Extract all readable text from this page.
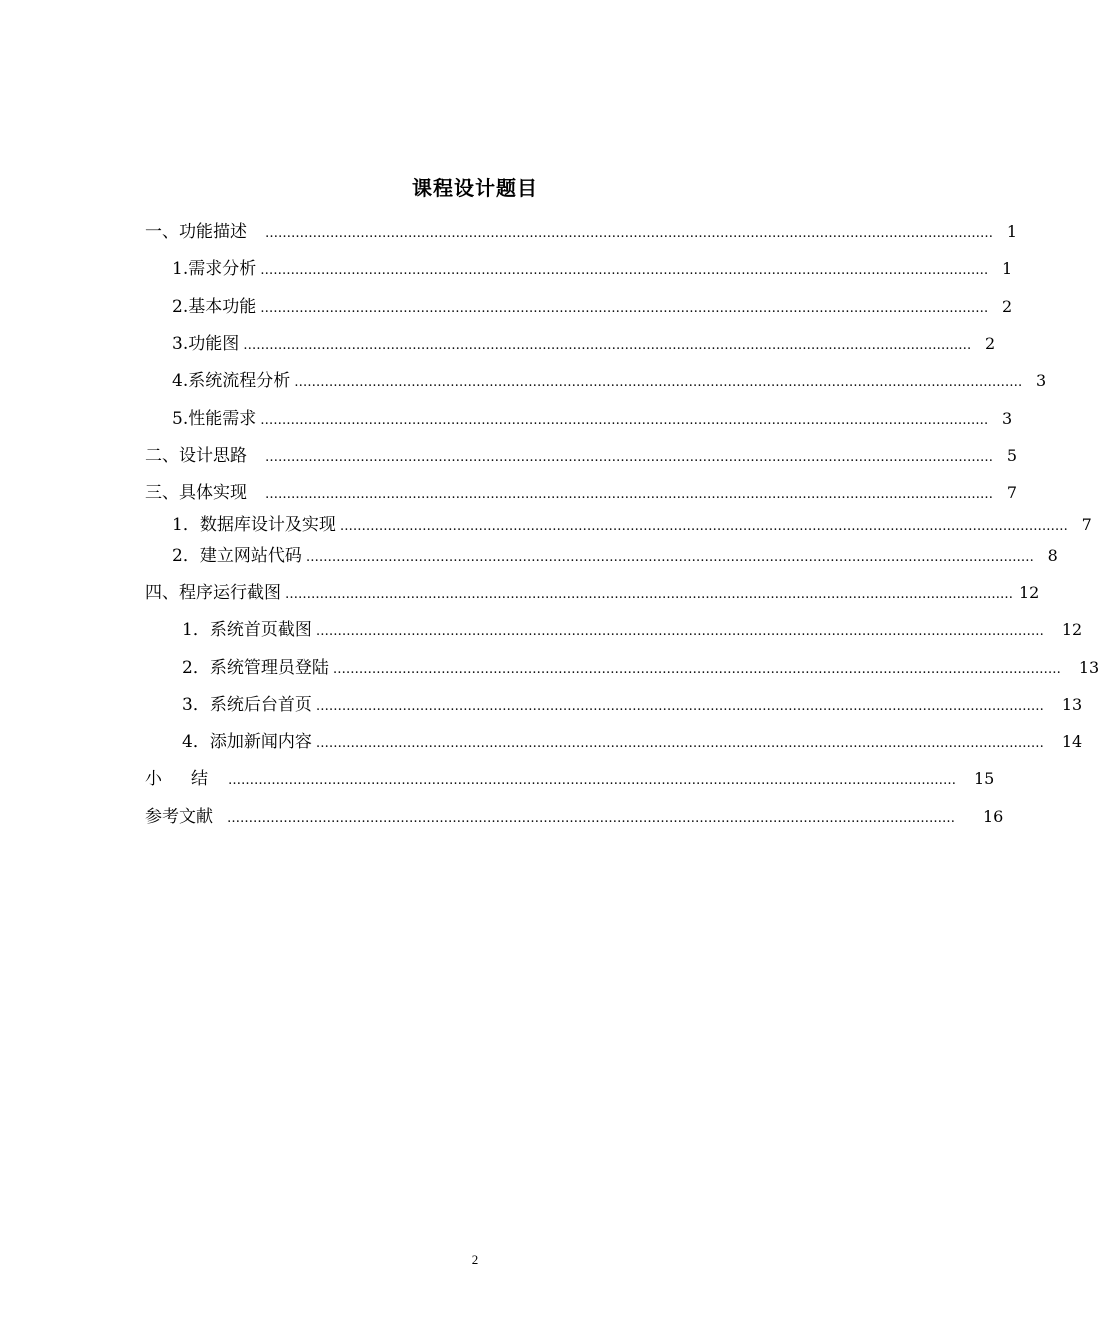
课程设计题目
一、功能描述 …………………………………………………………………………………………………………………………………………………… 1
1.需求分析 …………………………………………………………………………………………………………………………………………………… 1
2.基本功能 …………………………………………………………………………………………………………………………………………………… 2
3.功能图 …………………………………………………………………………………………………………………………………………………… 2
4.系统流程分析 …………………………………………………………………………………………………………………………………………………… 3
5.性能需求 …………………………………………………………………………………………………………………………………………………… 3
二、设计思路 …………………………………………………………………………………………………………………………………………………… 5
三、具体实现 …………………………………………………………………………………………………………………………………………………… 7
1．数据库设计及实现 …………………………………………………………………………………………………………………………………………………… 7
2．建立网站代码 …………………………………………………………………………………………………………………………………………………… 8
四、程序运行截图 …………………………………………………………………………………………………………………………………………………… 12
1．系统首页截图 …………………………………………………………………………………………………………………………………………………… 12
2．系统管理员登陆 …………………………………………………………………………………………………………………………………………………… 13
3．系统后台首页 …………………………………………………………………………………………………………………………………………………… 13
4．添加新闻内容 …………………………………………………………………………………………………………………………………………………… 14
小　结 …………………………………………………………………………………………………………………………………………………… 15
参考文献 …………………………………………………………………………………………………………………………………………………… 16
2
